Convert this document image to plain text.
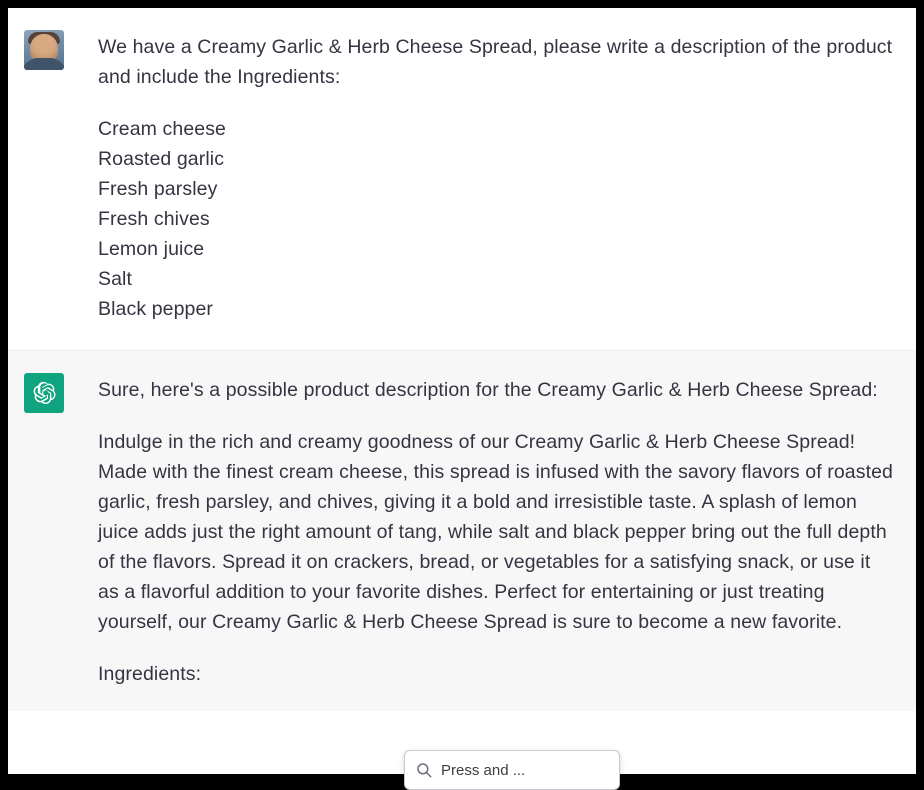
We have a Creamy Garlic & Herb Cheese Spread, please write a description of the product and include the Ingredients:

Cream cheese
Roasted garlic
Fresh parsley
Fresh chives
Lemon juice
Salt
Black pepper

Sure, here's a possible product description for the Creamy Garlic & Herb Cheese Spread:

Indulge in the rich and creamy goodness of our Creamy Garlic & Herb Cheese Spread! Made with the finest cream cheese, this spread is infused with the savory flavors of roasted garlic, fresh parsley, and chives, giving it a bold and irresistible taste. A splash of lemon juice adds just the right amount of tang, while salt and black pepper bring out the full depth of the flavors. Spread it on crackers, bread, or vegetables for a satisfying snack, or use it as a flavorful addition to your favorite dishes. Perfect for entertaining or just treating yourself, our Creamy Garlic & Herb Cheese Spread is sure to become a new favorite.

Ingredients:

Press and ...
